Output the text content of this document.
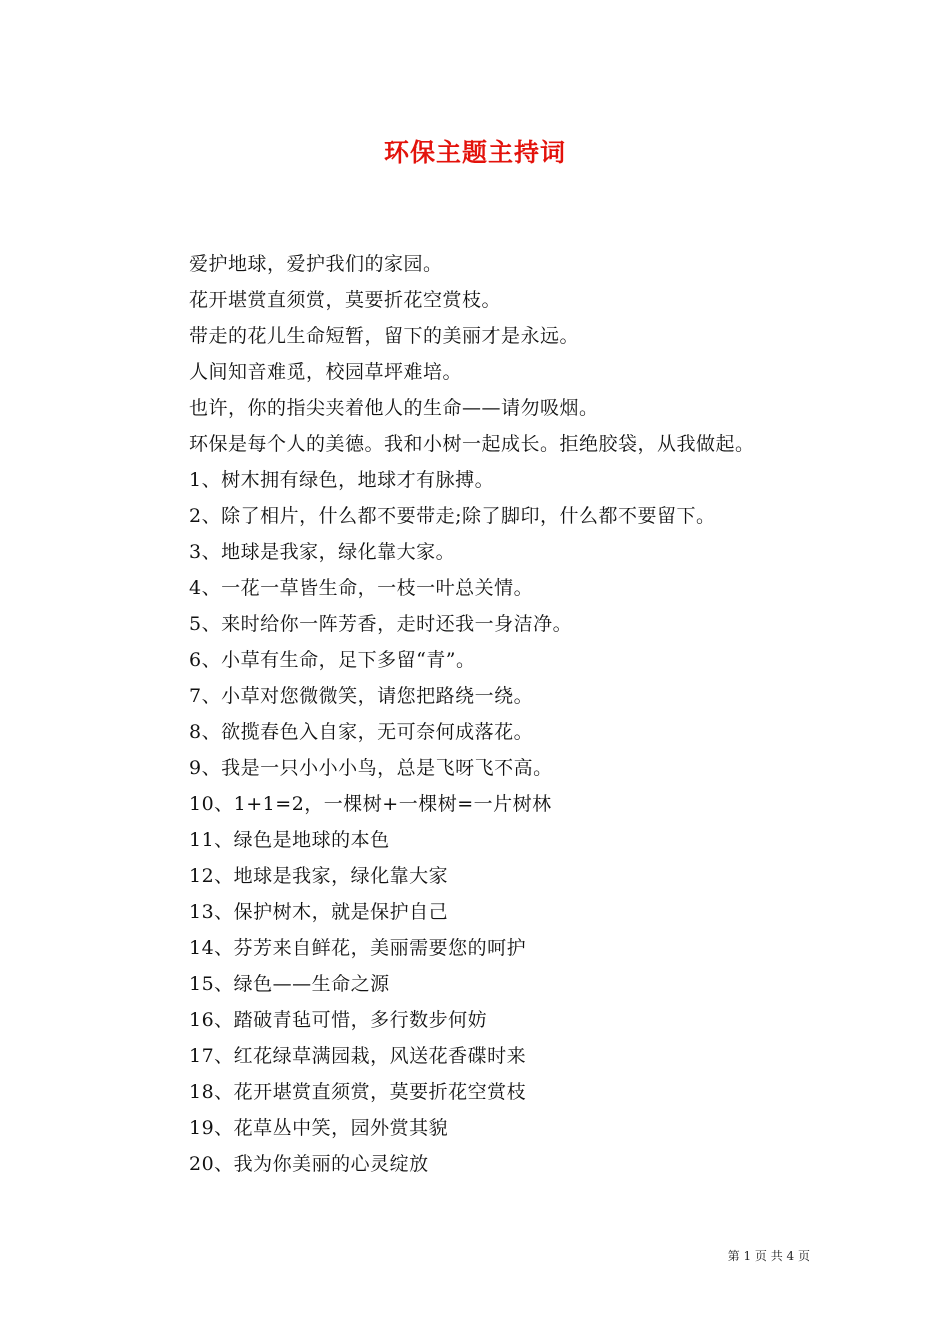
环保主题主持词

爱护地球，爱护我们的家园。

花开堪赏直须赏，莫要折花空赏枝。

带走的花儿生命短暂，留下的美丽才是永远。

人间知音难觅，校园草坪难培。

也许，你的指尖夹着他人的生命——请勿吸烟。

环保是每个人的美德。我和小树一起成长。拒绝胶袋，从我做起。

1、树木拥有绿色，地球才有脉搏。

2、除了相片，什么都不要带走;除了脚印，什么都不要留下。

3、地球是我家，绿化靠大家。

4、一花一草皆生命，一枝一叶总关情。

5、来时给你一阵芳香，走时还我一身洁净。

6、小草有生命，足下多留“青”。

7、小草对您微微笑，请您把路绕一绕。

8、欲揽春色入自家，无可奈何成落花。

9、我是一只小小小鸟，总是飞呀飞不高。

10、1+1=2，一棵树+一棵树=一片树林

11、绿色是地球的本色

12、地球是我家，绿化靠大家

13、保护树木，就是保护自己

14、芬芳来自鲜花，美丽需要您的呵护

15、绿色——生命之源

16、踏破青毡可惜，多行数步何妨

17、红花绿草满园栽，风送花香碟时来

18、花开堪赏直须赏，莫要折花空赏枝

19、花草丛中笑，园外赏其貌

20、我为你美丽的心灵绽放

第 1 页 共 4 页
